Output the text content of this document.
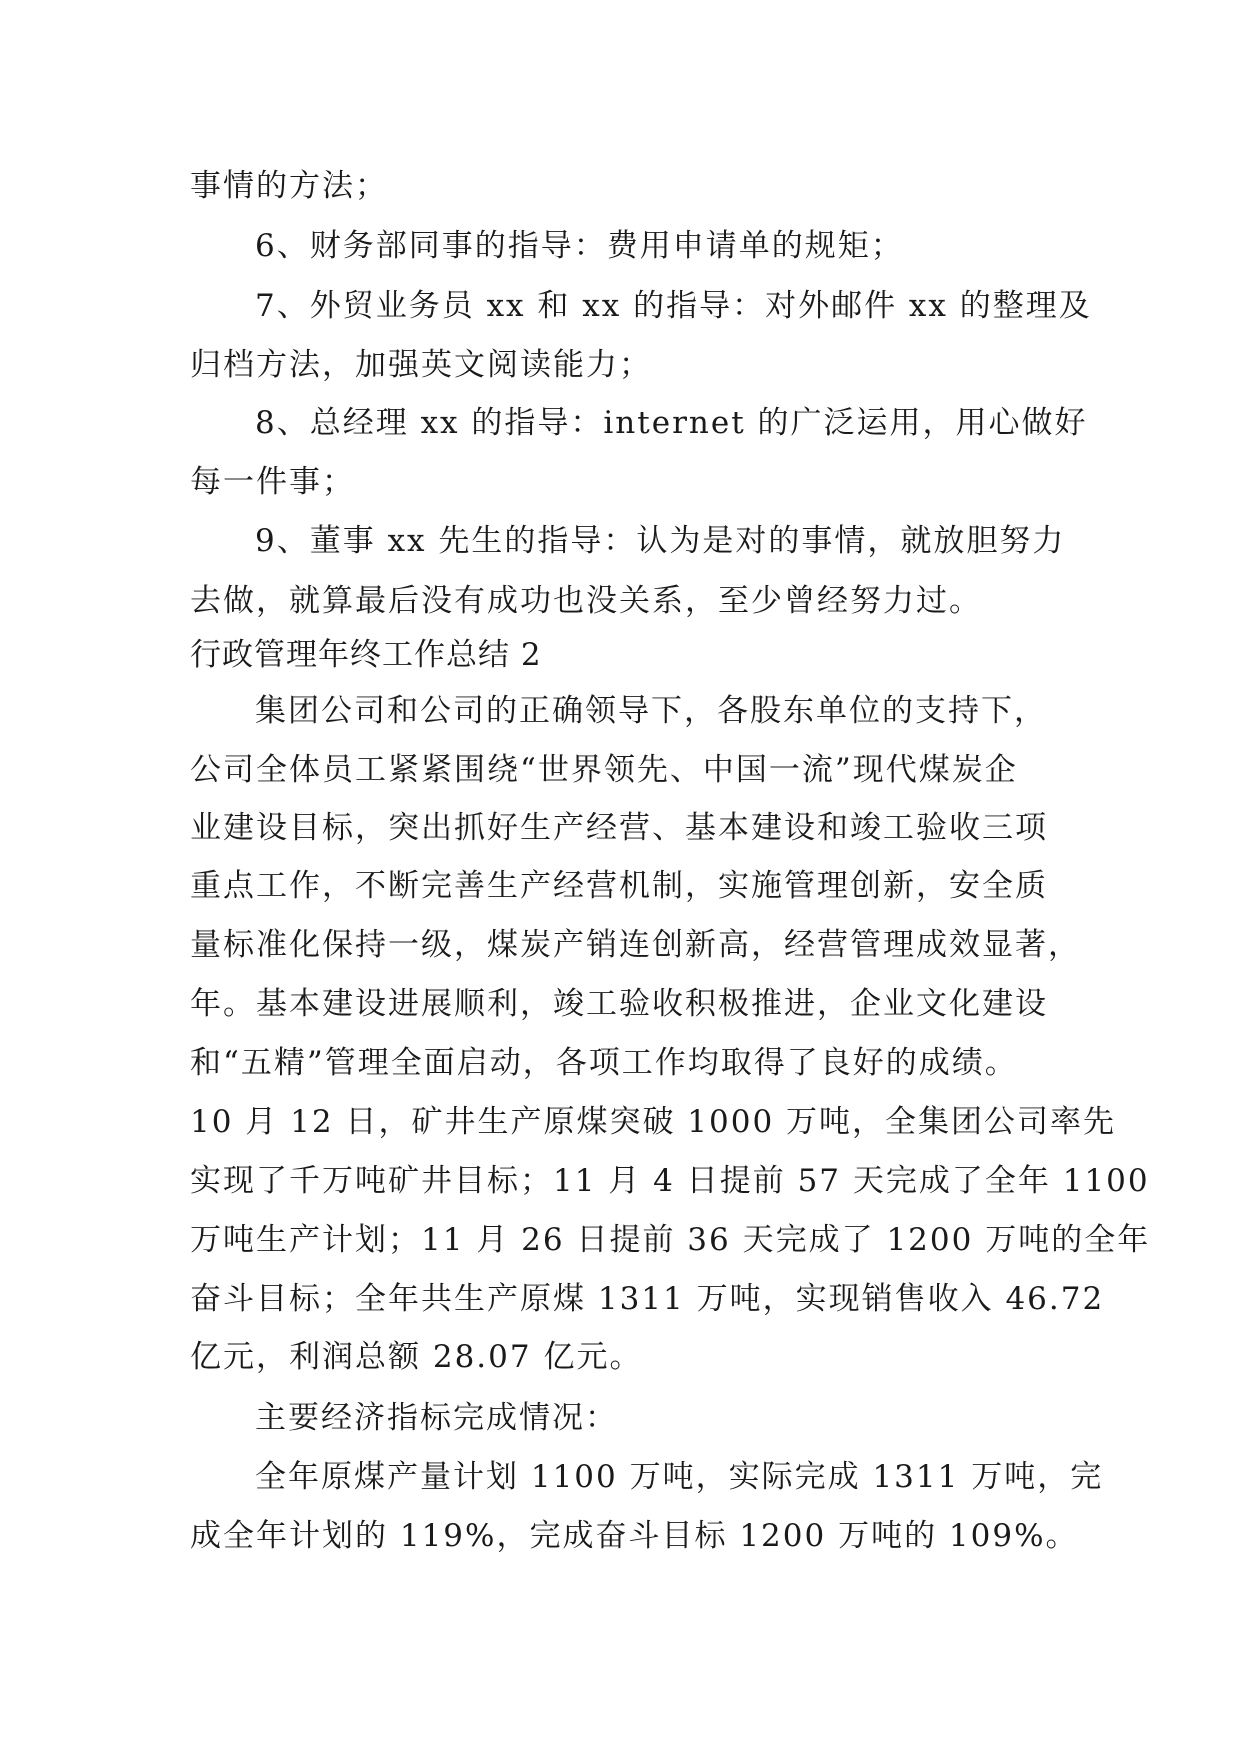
事情的方法；
6、财务部同事的指导：费用申请单的规矩；
7、外贸业务员 xx 和 xx 的指导：对外邮件 xx 的整理及
归档方法，加强英文阅读能力；
8、总经理 xx 的指导：internet 的广泛运用，用心做好
每一件事；
9、董事 xx 先生的指导：认为是对的事情，就放胆努力
去做，就算最后没有成功也没关系，至少曾经努力过。
行政管理年终工作总结 2
集团公司和公司的正确领导下，各股东单位的支持下，
公司全体员工紧紧围绕“世界领先、中国一流”现代煤炭企
业建设目标，突出抓好生产经营、基本建设和竣工验收三项
重点工作，不断完善生产经营机制，实施管理创新，安全质
量标准化保持一级，煤炭产销连创新高，经营管理成效显著，
年。基本建设进展顺利，竣工验收积极推进，企业文化建设
和“五精”管理全面启动，各项工作均取得了良好的成绩。
10 月 12 日，矿井生产原煤突破 1000 万吨，全集团公司率先
实现了千万吨矿井目标；11 月 4 日提前 57 天完成了全年 1100
万吨生产计划；11 月 26 日提前 36 天完成了 1200 万吨的全年
奋斗目标；全年共生产原煤 1311 万吨，实现销售收入 46.72
亿元，利润总额 28.07 亿元。
主要经济指标完成情况：
全年原煤产量计划 1100 万吨，实际完成 1311 万吨，完
成全年计划的 119%，完成奋斗目标 1200 万吨的 109%。
